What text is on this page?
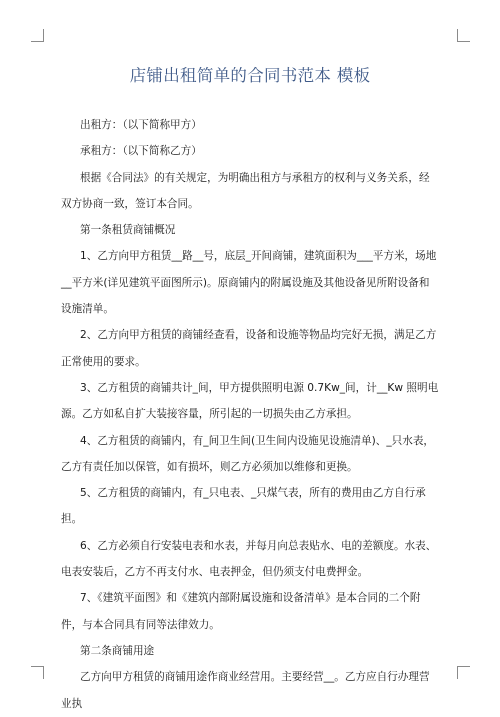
店铺出租简单的合同书范本 模板

出租方：（以下简称甲方）

承租方：（以下简称乙方）

根据《合同法》的有关规定，为明确出租方与承租方的权利与义务关系，经双方协商一致，签订本合同。

第一条租赁商铺概况

1、乙方向甲方租赁__路__号，底层_开间商铺，建筑面积为___平方米，场地__平方米(详见建筑平面图所示)。原商铺内的附属设施及其他设备见所附设备和设施清单。

2、乙方向甲方租赁的商铺经查看，设备和设施等物品均完好无损，满足乙方正常使用的要求。

3、乙方租赁的商铺共计_间，甲方提供照明电源 0.7Kw_间，计__Kw 照明电源。乙方如私自扩大装接容量，所引起的一切损失由乙方承担。

4、乙方租赁的商铺内，有_间卫生间(卫生间内设施见设施清单)、_只水表，乙方有责任加以保管，如有损坏，则乙方必须加以维修和更换。

5、乙方租赁的商铺内，有_只电表、_只煤气表，所有的费用由乙方自行承担。

6、乙方必须自行安装电表和水表，并每月向总表贴水、电的差额度。水表、电表安装后，乙方不再支付水、电表押金，但仍须支付电费押金。

7、《建筑平面图》和《建筑内部附属设施和设备清单》是本合同的二个附件，与本合同具有同等法律效力。

第二条商铺用途

乙方向甲方租赁的商铺用途作商业经营用。主要经营__。乙方应自行办理营业执
